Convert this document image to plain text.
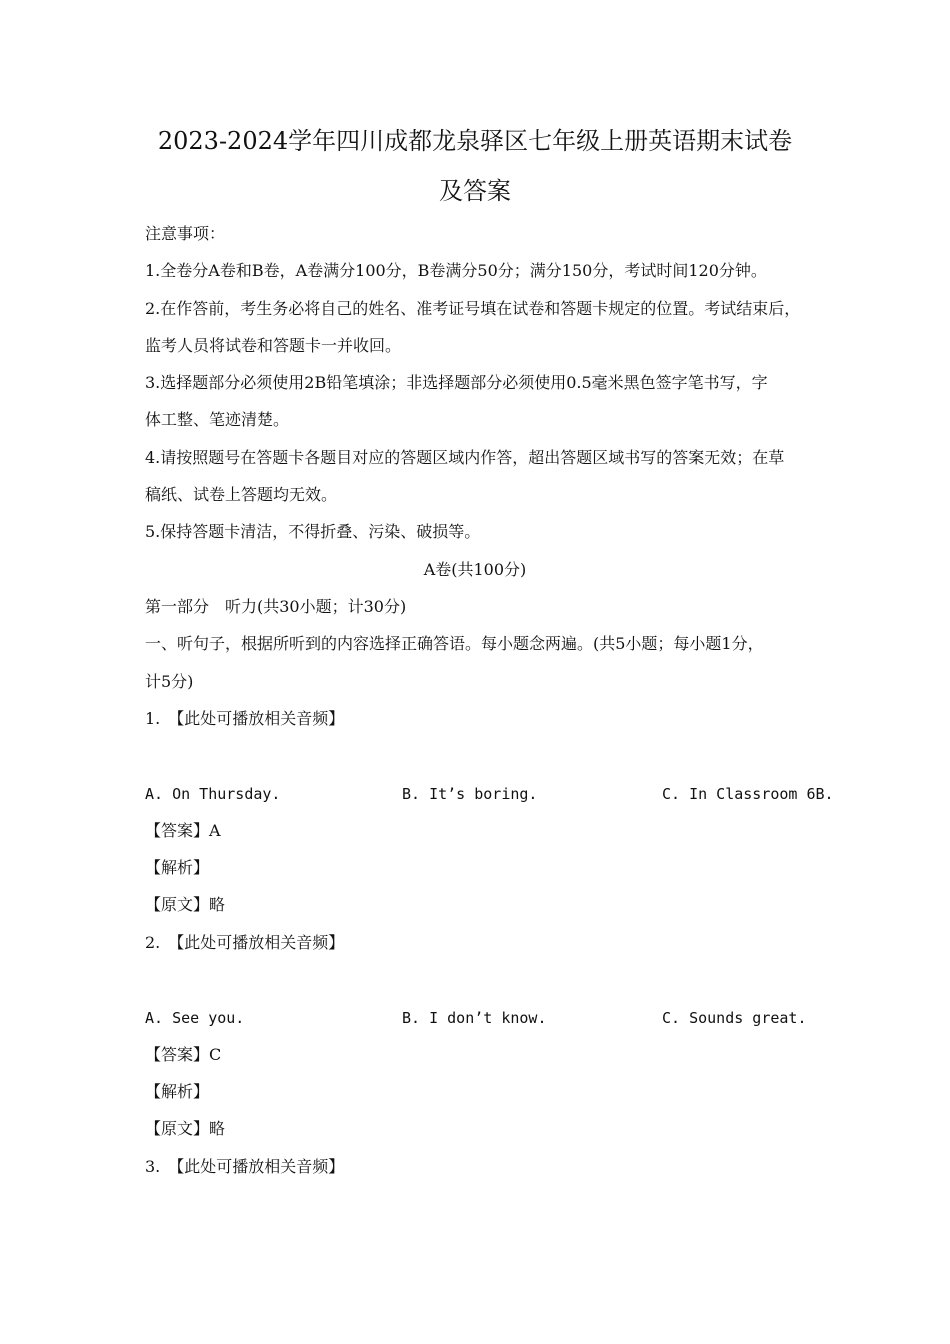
2023-2024学年四川成都龙泉驿区七年级上册英语期末试卷
及答案
注意事项：
1.全卷分A卷和B卷，A卷满分100分，B卷满分50分；满分150分，考试时间120分钟。
2.在作答前，考生务必将自己的姓名、准考证号填在试卷和答题卡规定的位置。考试结束后，
监考人员将试卷和答题卡一并收回。
3.选择题部分必须使用2B铅笔填涂；非选择题部分必须使用0.5毫米黑色签字笔书写，字
体工整、笔迹清楚。
4.请按照题号在答题卡各题目对应的答题区域内作答，超出答题区域书写的答案无效；在草
稿纸、试卷上答题均无效。
5.保持答题卡清洁，不得折叠、污染、破损等。
A卷(共100分)
第一部分　听力(共30小题；计30分)
一、听句子，根据所听到的内容选择正确答语。每小题念两遍。(共5小题；每小题1分，
计5分)
1.　【此处可播放相关音频】
A. On Thursday.	B. It’s boring.	C. In Classroom 6B.
【答案】A
【解析】
【原文】略
2.　【此处可播放相关音频】
A. See you.	B. I don’t know.	C. Sounds great.
【答案】C
【解析】
【原文】略
3.　【此处可播放相关音频】
